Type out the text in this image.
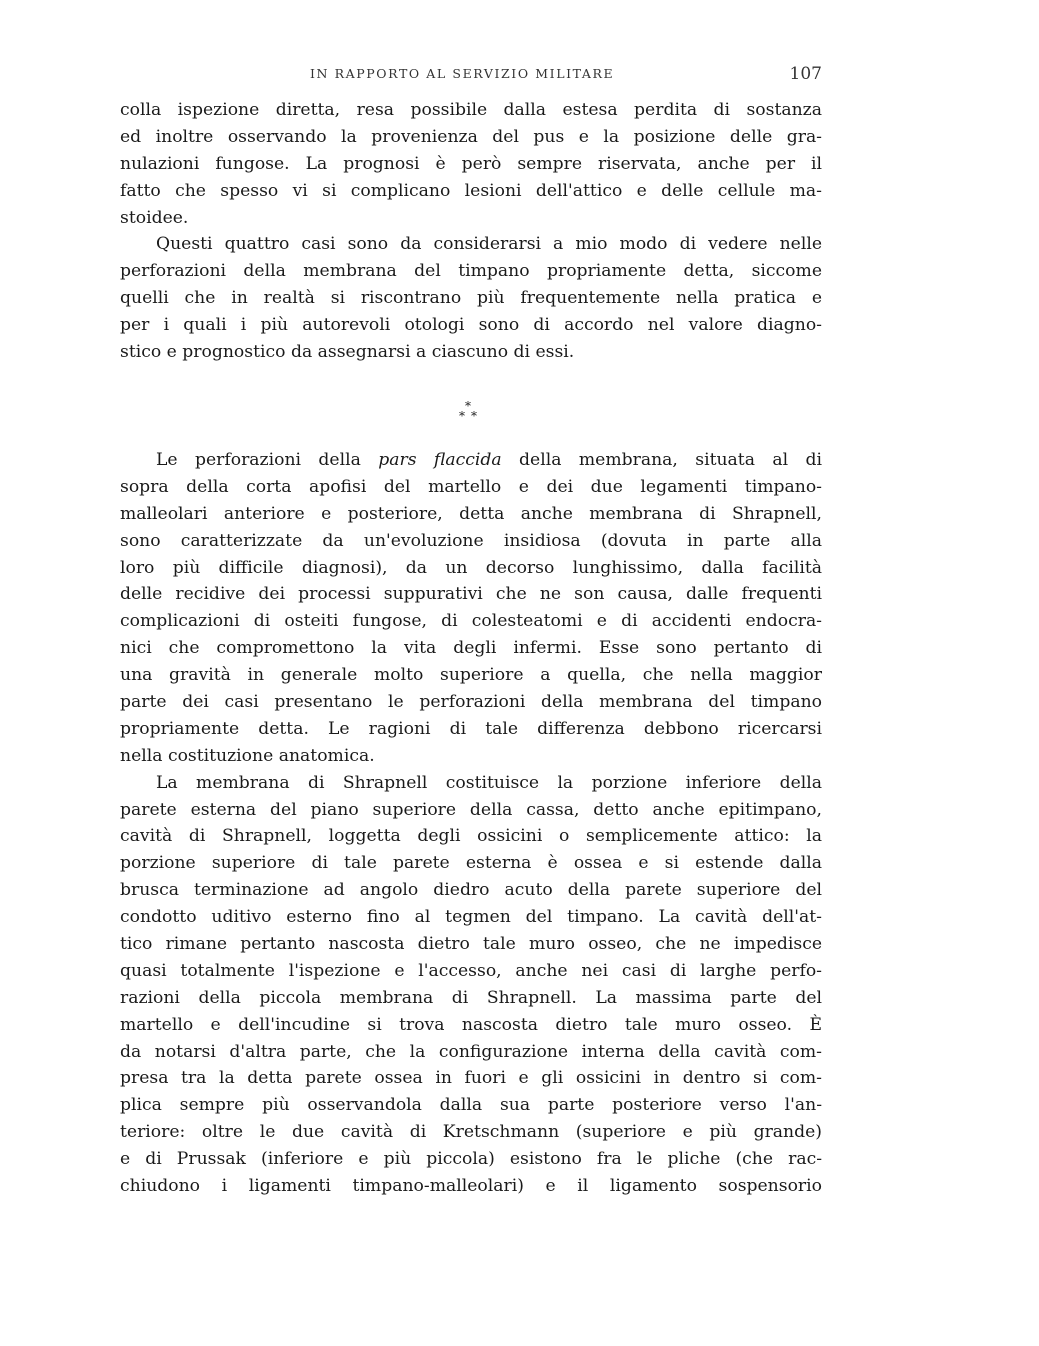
IN RAPPORTO AL SERVIZIO MILITARE	107
colla ispezione diretta, resa possibile dalla estesa perdita di sostanza
ed inoltre osservando la provenienza del pus e la posizione delle gra-
nulazioni fungose. La prognosi è però sempre riservata, anche per il
fatto che spesso vi si complicano lesioni dell'attico e delle cellule ma-
stoidee.
Questi quattro casi sono da considerarsi a mio modo di vedere nelle
perforazioni della membrana del timpano propriamente detta, siccome
quelli che in realtà si riscontrano più frequentemente nella pratica e
per i quali i più autorevoli otologi sono di accordo nel valore diagno-
stico e prognostico da assegnarsi a ciascuno di essi.
*
* *
Le perforazioni della pars flaccida della membrana, situata al di
sopra della corta apofisi del martello e dei due legamenti timpano-
malleolari anteriore e posteriore, detta anche membrana di Shrapnell,
sono caratterizzate da un'evoluzione insidiosa (dovuta in parte alla
loro più difficile diagnosi), da un decorso lunghissimo, dalla facilità
delle recidive dei processi suppurativi che ne son causa, dalle frequenti
complicazioni di osteiti fungose, di colesteatomi e di accidenti endocra-
nici che compromettono la vita degli infermi. Esse sono pertanto di
una gravità in generale molto superiore a quella, che nella maggior
parte dei casi presentano le perforazioni della membrana del timpano
propriamente detta. Le ragioni di tale differenza debbono ricercarsi
nella costituzione anatomica.
La membrana di Shrapnell costituisce la porzione inferiore della
parete esterna del piano superiore della cassa, detto anche epitimpano,
cavità di Shrapnell, loggetta degli ossicini o semplicemente attico: la
porzione superiore di tale parete esterna è ossea e si estende dalla
brusca terminazione ad angolo diedro acuto della parete superiore del
condotto uditivo esterno fino al tegmen del timpano. La cavità dell'at-
tico rimane pertanto nascosta dietro tale muro osseo, che ne impedisce
quasi totalmente l'ispezione e l'accesso, anche nei casi di larghe perfo-
razioni della piccola membrana di Shrapnell. La massima parte del
martello e dell'incudine si trova nascosta dietro tale muro osseo. È
da notarsi d'altra parte, che la configurazione interna della cavità com-
presa tra la detta parete ossea in fuori e gli ossicini in dentro si com-
plica sempre più osservandola dalla sua parte posteriore verso l'an-
teriore: oltre le due cavità di Kretschmann (superiore e più grande)
e di Prussak (inferiore e più piccola) esistono fra le pliche (che rac-
chiudono i ligamenti timpano-malleolari) e il ligamento sospensorio
